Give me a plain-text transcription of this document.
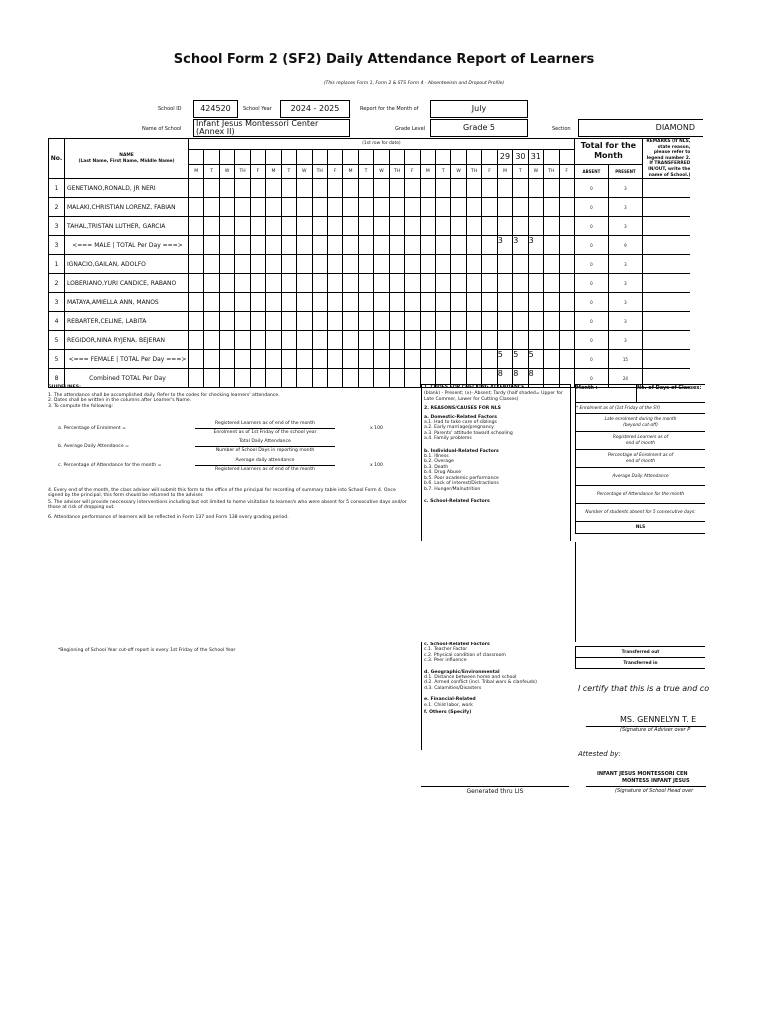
School Form 2 (SF2) Daily Attendance Report of Learners
(This replaces Form 1, Form 2 & STS Form 4 - Absenteeism and Dropout Profile)
School ID	424520	School Year	2024 - 2025	Report for the Month of	July
Name of School
Infant Jesus Montessori Center (Annex II)	Grade Level	Grade 5	Section	DIAMOND
No.	NAME
(Last Name, First Name, Middle Name)	(1st row for date)																									Total for the Month		REMARKS (If NLS, state reason, please refer to legend number 2. If TRANSFERRED IN/OUT, write the name of School.)
																						29	30	31					
		M	T	W	TH	F	M	T	W	TH	F	M	T	W	TH	F	M	T	W	TH	F	M	T	W	TH	F	ABSENT	PRESENT	
1	GENETIANO,RONALD, JR NERI																										0	3	
2	MALAKI,CHRISTIAN LORENZ, FABIAN																										0	3	
3	TAHAL,TRISTAN LUTHER, GARCIA																										0	3	
3	<=== MALE | TOTAL Per Day ===>																					3	3	3			0	9	
1	IGNACIO,GAILAN, ADOLFO																										0	3	
2	LOBERIANO,YURI CANDICE, RABANO																										0	3	
3	MATAYA,AMIELLA ANN, MANOS																										0	3	
4	REBARTER,CELINE, LABITA																										0	3	
5	REGIDOR,NINA RYJENA, BEJERAN																										0	3	
5	<=== FEMALE | TOTAL Per Day ===>																					5	5	5			0	15	
8	Combined TOTAL Per Day																					8	8	8			0	24	
GUIDELINES:
1. The attendance shall be accomplished daily. Refer to the codes for checking learners' attendance.
2. Dates shall be written in the columns after Learner's Name.
3. To compute the following:
a. Percentage of Enrolment =
Registered Learners as of end of the month
Enrolment as of 1st Friday of the school year
x 100
b. Average Daily Attendance =
Total Daily Attendance
Number of School Days in reporting month
c. Percentage of Attendance for the month =
Average daily attendance
Registered Learners as of end of the month
x 100
4. Every end of the month, the class adviser will submit this form to the office of the principal for recording of summary table into School Form 4. Once signed by the principal, this form should be returned to the adviser.
5. The adviser will provide neccessary interventions including but not limited to home visitation to learner/s who were absent for 5 consecutive days and/or those at risk of dropping out.
6. Attendance performance of learners will be reflected in Form 137 and Form 138 every grading period.
*Beginning of School Year cut-off report is every 1st Friday of the School Year
1. CODES FOR CHECKING ATTENDANCE
(blank) - Present; (x)- Absent; Tardy (half shaded= Upper for Late Commer, Lower for Cutting Classes)
2. REASONS/CAUSES FOR NLS
a. Domestic-Related Factors
a.1. Had to take care of siblings
a.2. Early marriage/pregnancy
a.3. Parents' attitude toward schooling
a.4. Family problems
b. Individual-Related Factors
b.1. Illness
b.2. Overage
b.3. Death
b.4. Drug Abuse
b.5. Poor academic performance
b.6. Lack of interest/Distractions
b.7. Hunger/Malnutrition
c. School-Related Factors
c. School-Related Factors
c.1. Teacher Factor
c.2. Physical condition of classroom
c.3. Peer influence
d. Geographic/Environmental
d.1. Distance between home and school
d.2. Armed conflict (incl. Tribal wars & clanfeuds)
d.3. Calamities/Disasters
e. Financial-Related
e.1. Child labor, work
f. Others (Specify)
Generated thru LIS
Month :	No. of Days of Classes:
* Enrolment as of (1st Friday of the SY)

Late enrolment during the month
(beyond cut-off)

Registered Learners as of
end of month

Percentage of Enrolment as of
end of month

Average Daily Attendance
Percentage of Attendance for the month
Number of students absent for 5 consecutive days:
NLS
Transferred out
Transferred in
I certify that this is a true and co
MS. GENNELYN T. E
(Signature of Adviser over P
Attested by:
INFANT JESUS MONTESSORI CEN
MONTESS INFANT JESUS
(Signature of School Head over
